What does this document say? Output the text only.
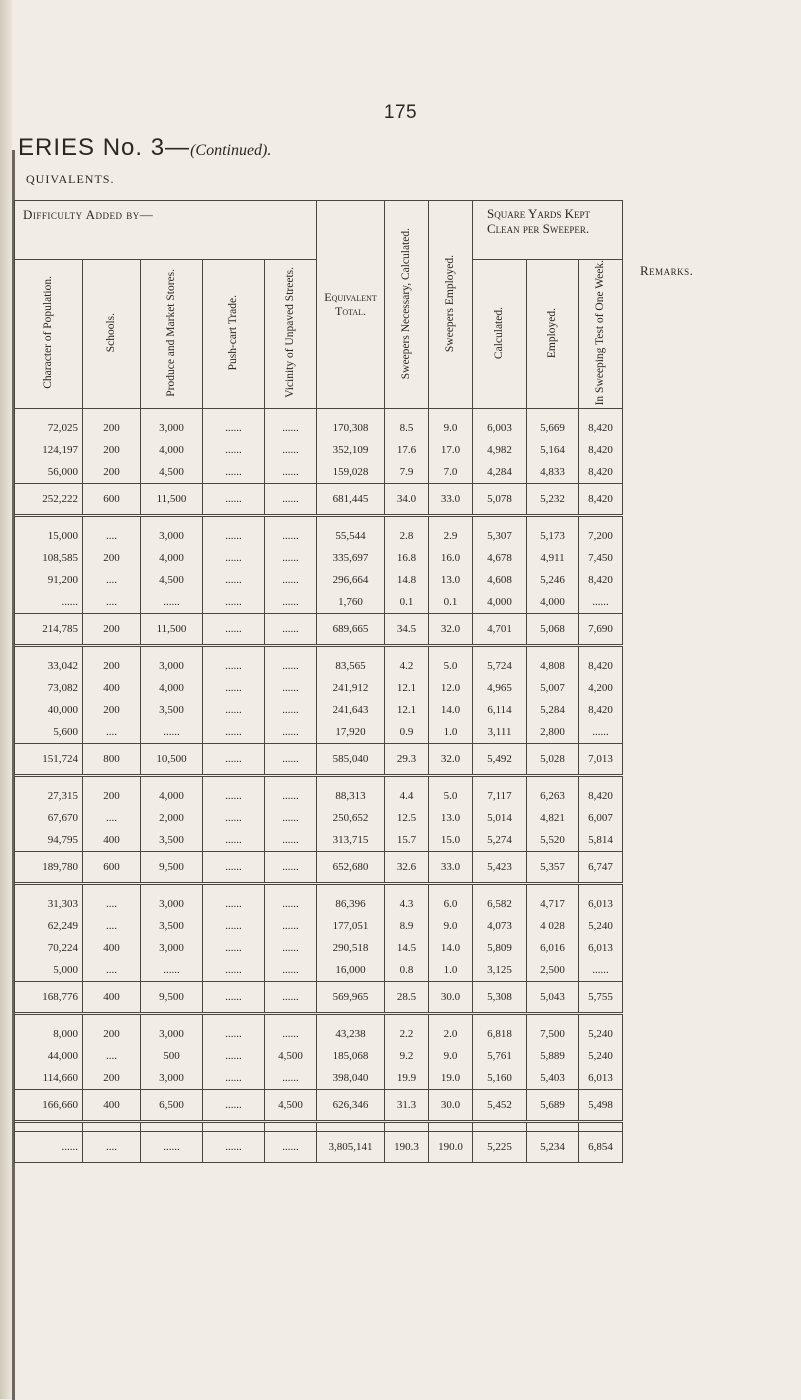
175
ERIES No. 3—(Continued).
QUIVALENTS.
Remarks.
Difficulty Added by—					Equivalent Total.	Sweepers Necessary, Calculated.	Sweepers Employed.	Square Yards Kept Clean per Sweeper.		
Character of Population.	Schools.	Produce and Market Stores.	Push-cart Trade.	Vicinity of Unpaved Streets.				Calculated.	Employed.	In Sweeping Test of One Week.

72,025	200	3,000	......	......	170,308	8.5	9.0	6,003	5,669	8,420
124,197	200	4,000	......	......	352,109	17.6	17.0	4,982	5,164	8,420
56,000	200	4,500	......	......	159,028	7.9	7.0	4,284	4,833	8,420
252,222	600	11,500	......	......	681,445	34.0	33.0	5,078	5,232	8,420

15,000	....	3,000	......	......	55,544	2.8	2.9	5,307	5,173	7,200
108,585	200	4,000	......	......	335,697	16.8	16.0	4,678	4,911	7,450
91,200	....	4,500	......	......	296,664	14.8	13.0	4,608	5,246	8,420
......	....	......	......	......	1,760	0.1	0.1	4,000	4,000	......
214,785	200	11,500	......	......	689,665	34.5	32.0	4,701	5,068	7,690

33,042	200	3,000	......	......	83,565	4.2	5.0	5,724	4,808	8,420
73,082	400	4,000	......	......	241,912	12.1	12.0	4,965	5,007	4,200
40,000	200	3,500	......	......	241,643	12.1	14.0	6,114	5,284	8,420
5,600	....	......	......	......	17,920	0.9	1.0	3,111	2,800	......
151,724	800	10,500	......	......	585,040	29.3	32.0	5,492	5,028	7,013

27,315	200	4,000	......	......	88,313	4.4	5.0	7,117	6,263	8,420
67,670	....	2,000	......	......	250,652	12.5	13.0	5,014	4,821	6,007
94,795	400	3,500	......	......	313,715	15.7	15.0	5,274	5,520	5,814
189,780	600	9,500	......	......	652,680	32.6	33.0	5,423	5,357	6,747

31,303	....	3,000	......	......	86,396	4.3	6.0	6,582	4,717	6,013
62,249	....	3,500	......	......	177,051	8.9	9.0	4,073	4 028	5,240
70,224	400	3,000	......	......	290,518	14.5	14.0	5,809	6,016	6,013
5,000	....	......	......	......	16,000	0.8	1.0	3,125	2,500	......
168,776	400	9,500	......	......	569,965	28.5	30.0	5,308	5,043	5,755

8,000	200	3,000	......	......	43,238	2.2	2.0	6,818	7,500	5,240
44,000	....	500	......	4,500	185,068	9.2	9.0	5,761	5,889	5,240
114,660	200	3,000	......	......	398,040	19.9	19.0	5,160	5,403	6,013
166,660	400	6,500	......	4,500	626,346	31.3	30.0	5,452	5,689	5,498

......	....	......	......	......	3,805,141	190.3	190.0	5,225	5,234	6,854
